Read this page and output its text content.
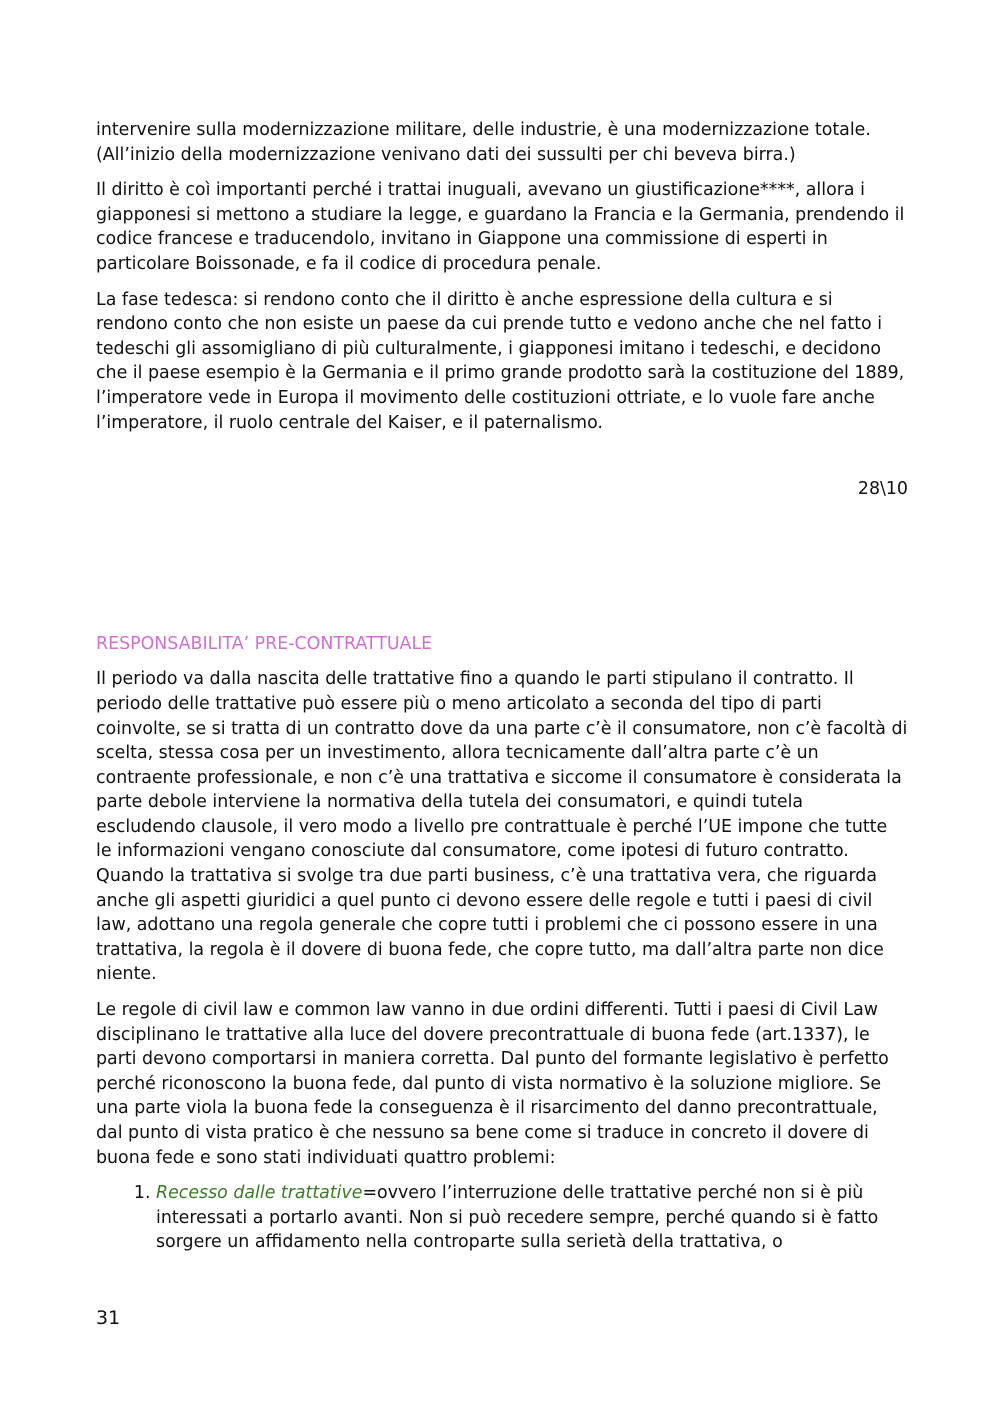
intervenire sulla modernizzazione militare, delle industrie, è una modernizzazione totale. (All’inizio della modernizzazione venivano dati dei sussulti per chi beveva birra.)

Il diritto è coì importanti perché i trattai inuguali, avevano un giustificazione****, allora i giapponesi si mettono a studiare la legge, e guardano la Francia e la Germania, prendendo il codice francese e traducendolo, invitano in Giappone una commissione di esperti in particolare Boissonade, e fa il codice di procedura penale.

La fase tedesca: si rendono conto che il diritto è anche espressione della cultura e si rendono conto che non esiste un paese da cui prende tutto e vedono anche che nel fatto i tedeschi gli assomigliano di più culturalmente, i giapponesi imitano i tedeschi, e decidono che il paese esempio è la Germania e il primo grande prodotto sarà la costituzione del 1889, l’imperatore vede in Europa il movimento delle costituzioni ottriate, e lo vuole fare anche l’imperatore, il ruolo centrale del Kaiser, e il paternalismo.

28\10
RESPONSABILITA’ PRE-CONTRATTUALE

Il periodo va dalla nascita delle trattative fino a quando le parti stipulano il contratto. Il periodo delle trattative può essere più o meno articolato a seconda del tipo di parti coinvolte, se si tratta di un contratto dove da una parte c’è il consumatore, non c’è facoltà di scelta, stessa cosa per un investimento, allora tecnicamente dall’altra parte c’è un contraente professionale, e non c’è una trattativa e siccome il consumatore è considerata la parte debole interviene la normativa della tutela dei consumatori, e quindi tutela escludendo clausole, il vero modo a livello pre contrattuale è perché l’UE impone che tutte le informazioni vengano conosciute dal consumatore, come ipotesi di futuro contratto. Quando la trattativa si svolge tra due parti business, c’è una trattativa vera, che riguarda anche gli aspetti giuridici a quel punto ci devono essere delle regole e tutti i paesi di civil law, adottano una regola generale che copre tutti i problemi che ci possono essere in una trattativa, la regola è il dovere di buona fede, che copre tutto, ma dall’altra parte non dice niente.

Le regole di civil law e common law vanno in due ordini differenti. Tutti i paesi di Civil Law disciplinano le trattative alla luce del dovere precontrattuale di buona fede (art.1337), le parti devono comportarsi in maniera corretta. Dal punto del formante legislativo è perfetto perché riconoscono la buona fede, dal punto di vista normativo è la soluzione migliore. Se una parte viola la buona fede la conseguenza è il risarcimento del danno precontrattuale, dal punto di vista pratico è che nessuno sa bene come si traduce in concreto il dovere di buona fede e sono stati individuati quattro problemi:

1. Recesso dalle trattative=ovvero l’interruzione delle trattative perché non si è più interessati a portarlo avanti. Non si può recedere sempre, perché quando si è fatto sorgere un affidamento nella controparte sulla serietà della trattativa, o
31
